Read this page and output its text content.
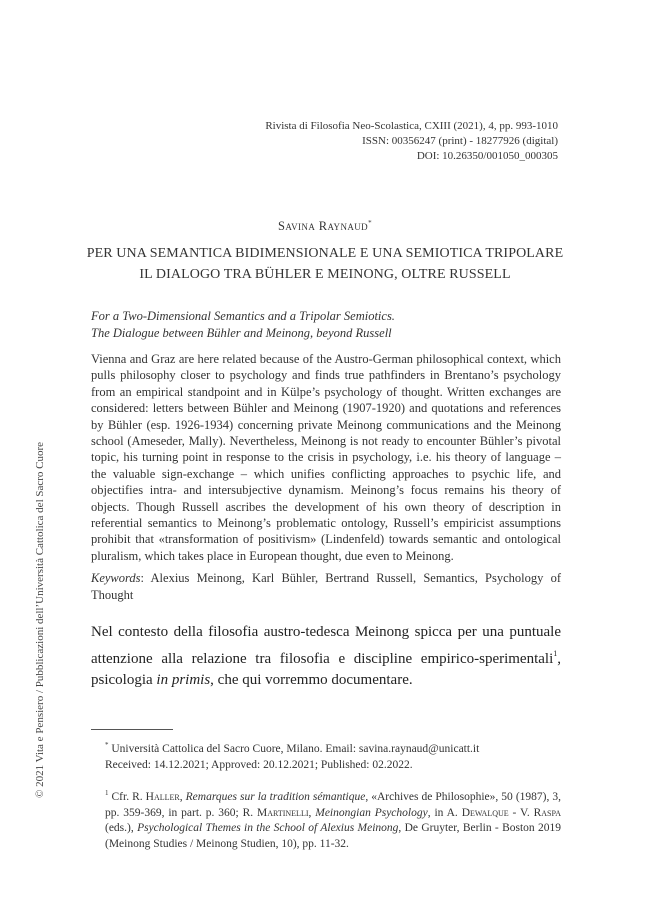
Rivista di Filosofia Neo-Scolastica, CXIII (2021), 4, pp. 993-1010
ISSN: 00356247 (print) - 18277926 (digital)
DOI: 10.26350/001050_000305
Savina Raynaud*
PER UNA SEMANTICA BIDIMENSIONALE E UNA SEMIOTICA TRIPOLARE
IL DIALOGO TRA BÜHLER E MEINONG, OLTRE RUSSELL
For a Two-Dimensional Semantics and a Tripolar Semiotics.
The Dialogue between Bühler and Meinong, beyond Russell
Vienna and Graz are here related because of the Austro-German philosophical context, which pulls philosophy closer to psychology and finds true pathfinders in Brentano’s psychology from an empirical standpoint and in Külpe’s psychology of thought. Written exchanges are considered: letters between Bühler and Meinong (1907-1920) and quotations and references by Bühler (esp. 1926-1934) concerning private Meinong communications and the Meinong school (Ameseder, Mally). Nevertheless, Meinong is not ready to encounter Bühler’s pivotal topic, his turning point in response to the crisis in psychology, i.e. his theory of language – the valuable sign-exchange – which unifies conflicting approaches to psychic life, and objectifies intra- and intersubjective dynamism. Meinong’s focus remains his theory of objects. Though Russell ascribes the development of his own theory of description in referential semantics to Meinong’s problematic ontology, Russell’s empiricist assumptions prohibit that «transformation of positivism» (Lindenfeld) towards semantic and ontological pluralism, which takes place in European thought, due even to Meinong.
Keywords: Alexius Meinong, Karl Bühler, Bertrand Russell, Semantics, Psychology of Thought
Nel contesto della filosofia austro-tedesca Meinong spicca per una puntuale attenzione alla relazione tra filosofia e discipline empirico-sperimentali$^1$, psicologia in primis, che qui vorremmo documentare.
* Università Cattolica del Sacro Cuore, Milano. Email: savina.raynaud@unicatt.it
Received: 14.12.2021; Approved: 20.12.2021; Published: 02.2022.
$^1$ Cfr. R. Haller, Remarques sur la tradition sémantique, «Archives de Philosophie», 50 (1987), 3, pp. 359-369, in part. p. 360; R. Martinelli, Meinongian Psychology, in A. Dewalque - V. Raspa (eds.), Psychological Themes in the School of Alexius Meinong, De Gruyter, Berlin - Boston 2019 (Meinong Studies / Meinong Studien, 10), pp. 11-32.
© 2021 Vita e Pensiero / Pubblicazioni dell’Università Cattolica del Sacro Cuore
